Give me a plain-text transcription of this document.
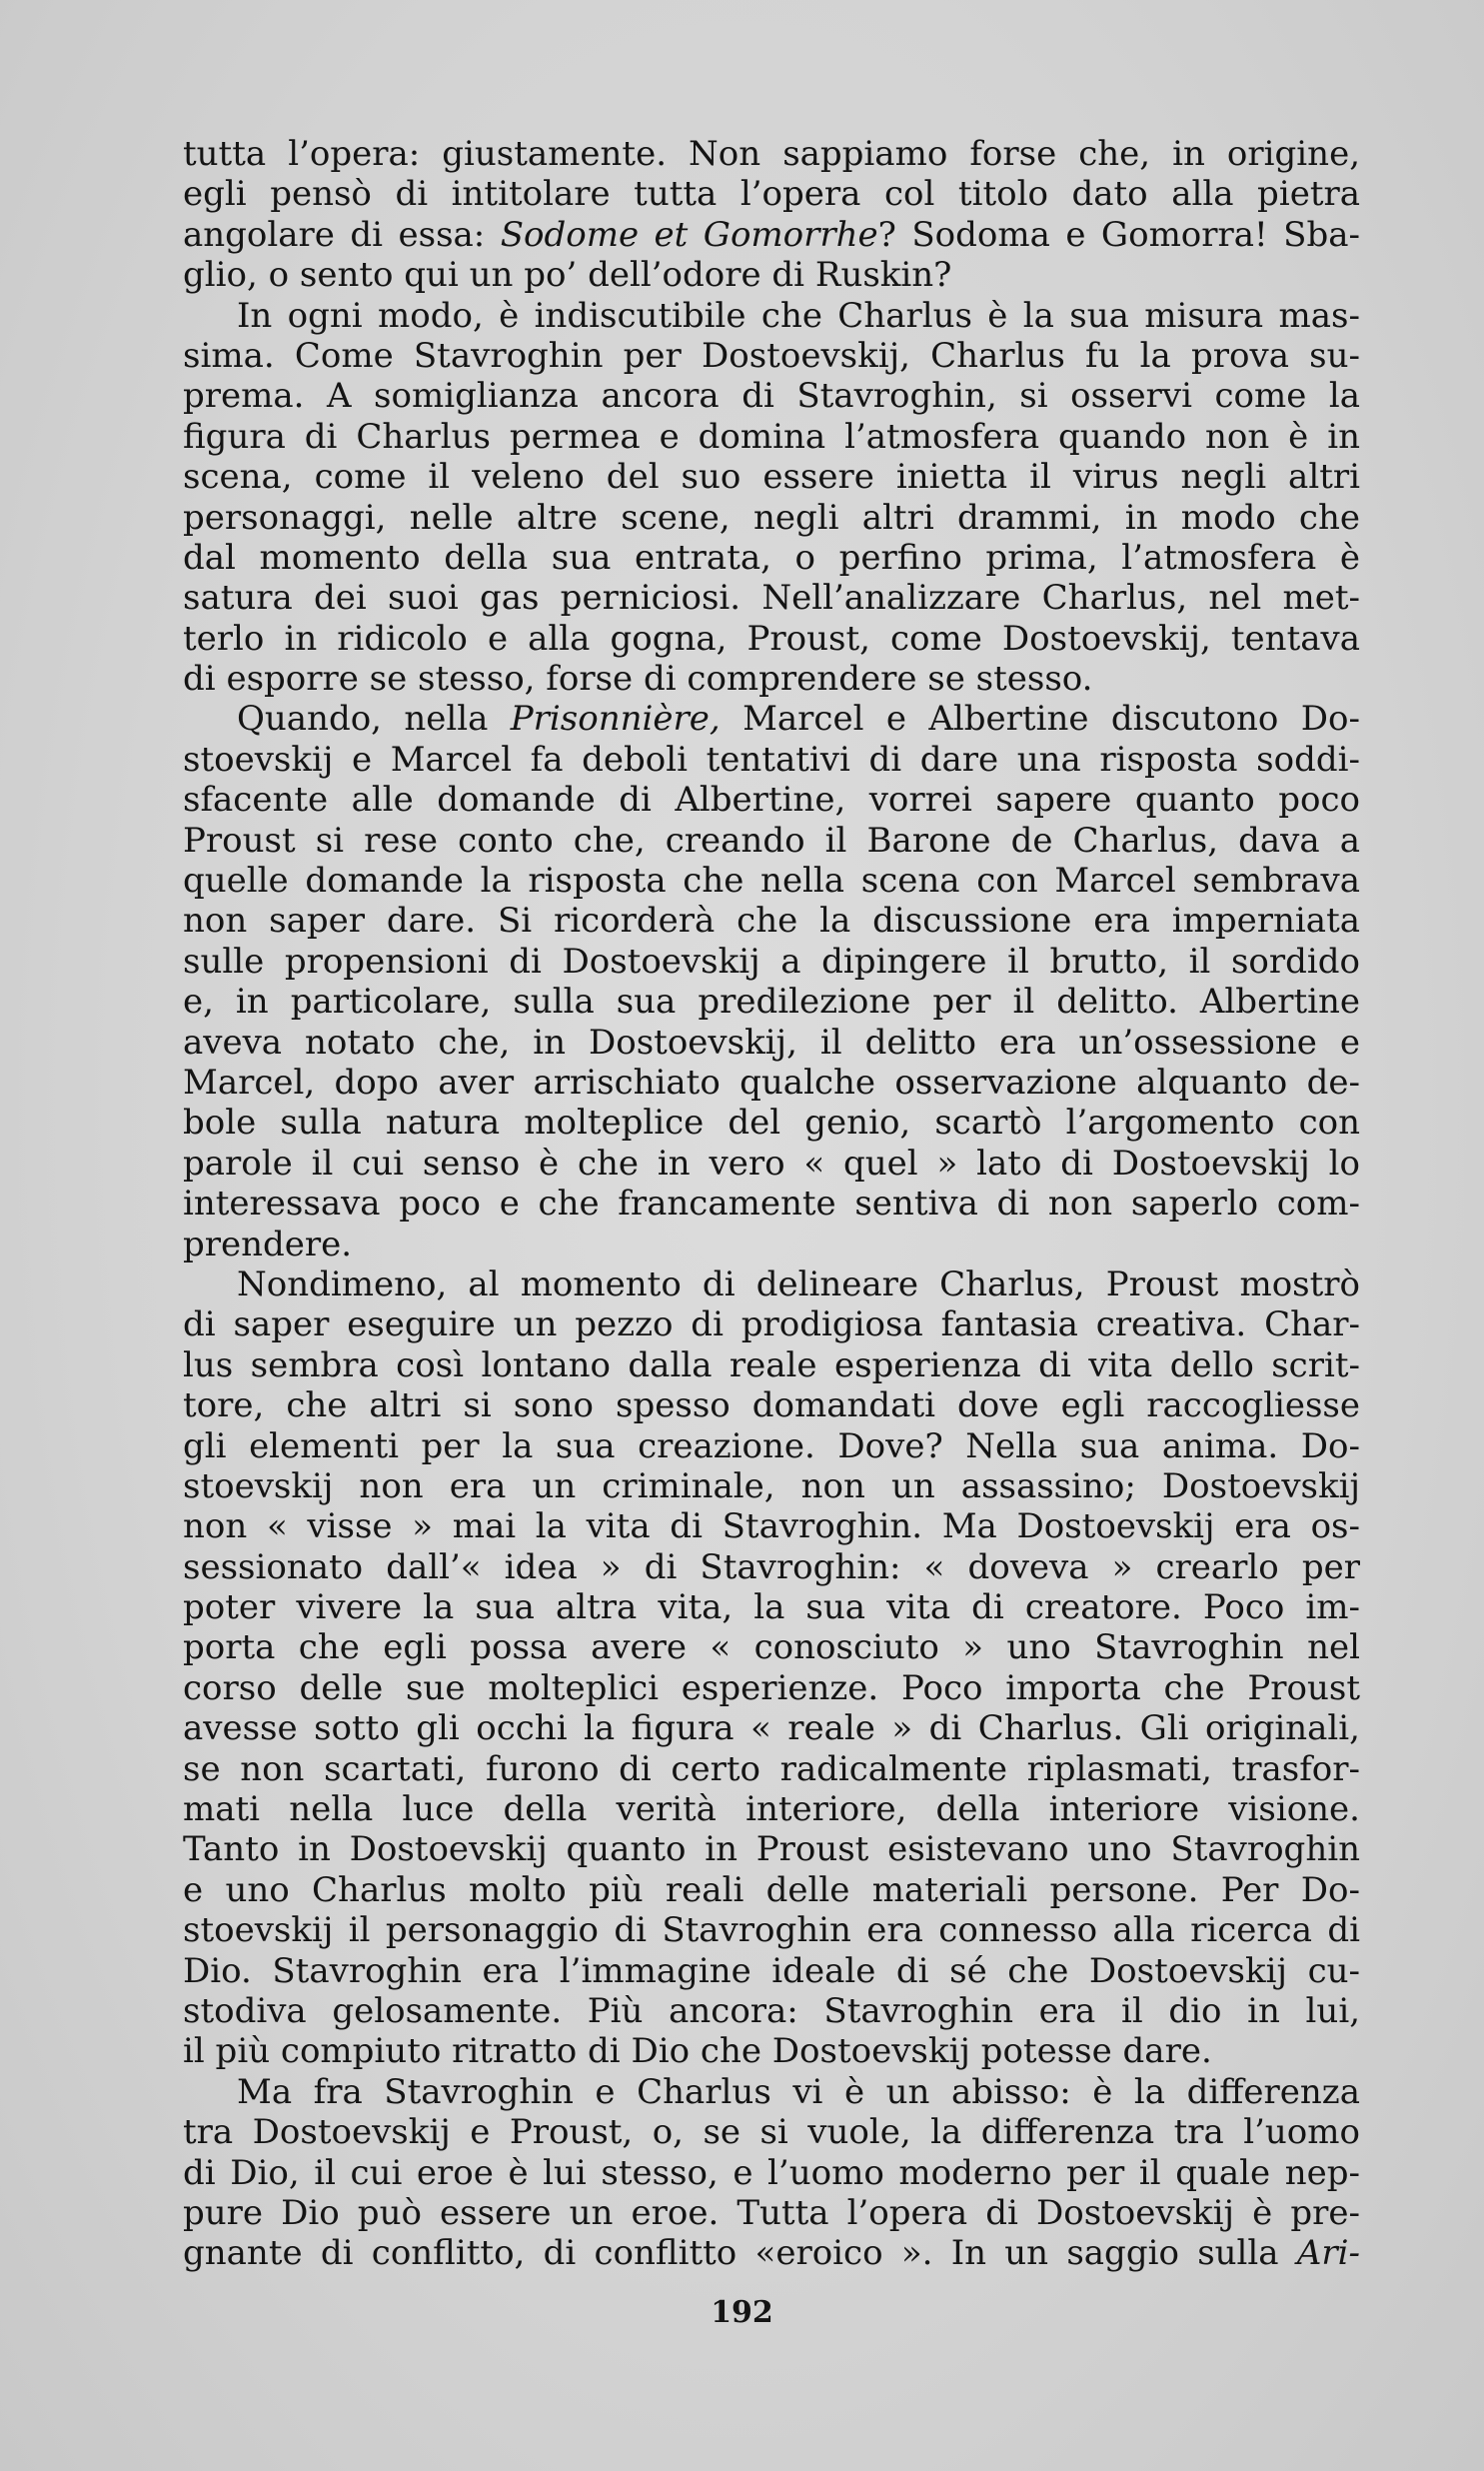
tutta l’opera: giustamente. Non sappiamo forse che, in origine,
egli pensò di intitolare tutta l’opera col titolo dato alla pietra
angolare di essa: Sodome et Gomorrhe? Sodoma e Gomorra! Sba-
glio, o sento qui un po’ dell’odore di Ruskin?
In ogni modo, è indiscutibile che Charlus è la sua misura mas-
sima. Come Stavroghin per Dostoevskij, Charlus fu la prova su-
prema. A somiglianza ancora di Stavroghin, si osservi come la
figura di Charlus permea e domina l’atmosfera quando non è in
scena, come il veleno del suo essere inietta il virus negli altri
personaggi, nelle altre scene, negli altri drammi, in modo che
dal momento della sua entrata, o perfino prima, l’atmosfera è
satura dei suoi gas perniciosi. Nell’analizzare Charlus, nel met-
terlo in ridicolo e alla gogna, Proust, come Dostoevskij, tentava
di esporre se stesso, forse di comprendere se stesso.
Quando, nella Prisonnière, Marcel e Albertine discutono Do-
stoevskij e Marcel fa deboli tentativi di dare una risposta soddi-
sfacente alle domande di Albertine, vorrei sapere quanto poco
Proust si rese conto che, creando il Barone de Charlus, dava a
quelle domande la risposta che nella scena con Marcel sembrava
non saper dare. Si ricorderà che la discussione era imperniata
sulle propensioni di Dostoevskij a dipingere il brutto, il sordido
e, in particolare, sulla sua predilezione per il delitto. Albertine
aveva notato che, in Dostoevskij, il delitto era un’ossessione e
Marcel, dopo aver arrischiato qualche osservazione alquanto de-
bole sulla natura molteplice del genio, scartò l’argomento con
parole il cui senso è che in vero « quel » lato di Dostoevskij lo
interessava poco e che francamente sentiva di non saperlo com-
prendere.
Nondimeno, al momento di delineare Charlus, Proust mostrò
di saper eseguire un pezzo di prodigiosa fantasia creativa. Char-
lus sembra così lontano dalla reale esperienza di vita dello scrit-
tore, che altri si sono spesso domandati dove egli raccogliesse
gli elementi per la sua creazione. Dove? Nella sua anima. Do-
stoevskij non era un criminale, non un assassino; Dostoevskij
non « visse » mai la vita di Stavroghin. Ma Dostoevskij era os-
sessionato dall’« idea » di Stavroghin: « doveva » crearlo per
poter vivere la sua altra vita, la sua vita di creatore. Poco im-
porta che egli possa avere « conosciuto » uno Stavroghin nel
corso delle sue molteplici esperienze. Poco importa che Proust
avesse sotto gli occhi la figura « reale » di Charlus. Gli originali,
se non scartati, furono di certo radicalmente riplasmati, trasfor-
mati nella luce della verità interiore, della interiore visione.
Tanto in Dostoevskij quanto in Proust esistevano uno Stavroghin
e uno Charlus molto più reali delle materiali persone. Per Do-
stoevskij il personaggio di Stavroghin era connesso alla ricerca di
Dio. Stavroghin era l’immagine ideale di sé che Dostoevskij cu-
stodiva gelosamente. Più ancora: Stavroghin era il dio in lui,
il più compiuto ritratto di Dio che Dostoevskij potesse dare.
Ma fra Stavroghin e Charlus vi è un abisso: è la differenza
tra Dostoevskij e Proust, o, se si vuole, la differenza tra l’uomo
di Dio, il cui eroe è lui stesso, e l’uomo moderno per il quale nep-
pure Dio può essere un eroe. Tutta l’opera di Dostoevskij è pre-
gnante di conflitto, di conflitto «eroico ». In un saggio sulla Ari-
192
